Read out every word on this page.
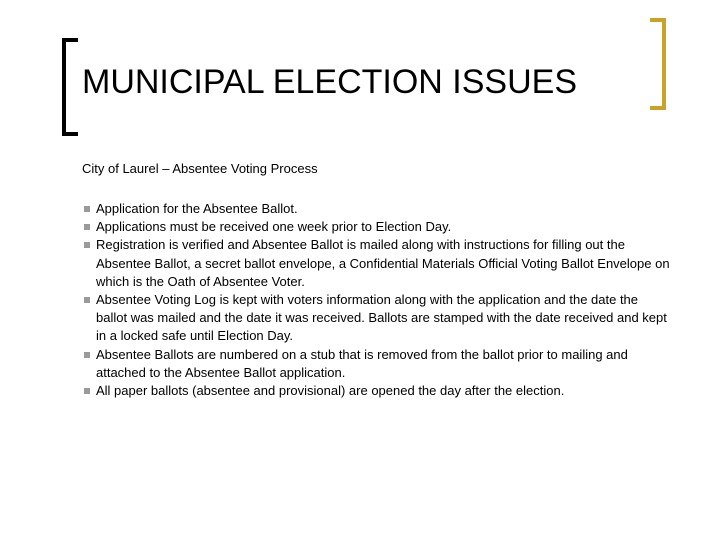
MUNICIPAL ELECTION ISSUES

City of Laurel – Absentee Voting Process

Application for the Absentee Ballot.
Applications must be received one week prior to Election Day.
Registration is verified and Absentee Ballot is mailed along with instructions for filling out the Absentee Ballot, a secret ballot envelope, a Confidential Materials Official Voting Ballot Envelope on which is the Oath of Absentee Voter.
Absentee Voting Log is kept with voters information along with the application and the date the ballot was mailed and the date it was received. Ballots are stamped with the date received and kept in a locked safe until Election Day.
Absentee Ballots are numbered on a stub that is removed from the ballot prior to mailing and attached to the Absentee Ballot application.
All paper ballots (absentee and provisional) are opened the day after the election.
